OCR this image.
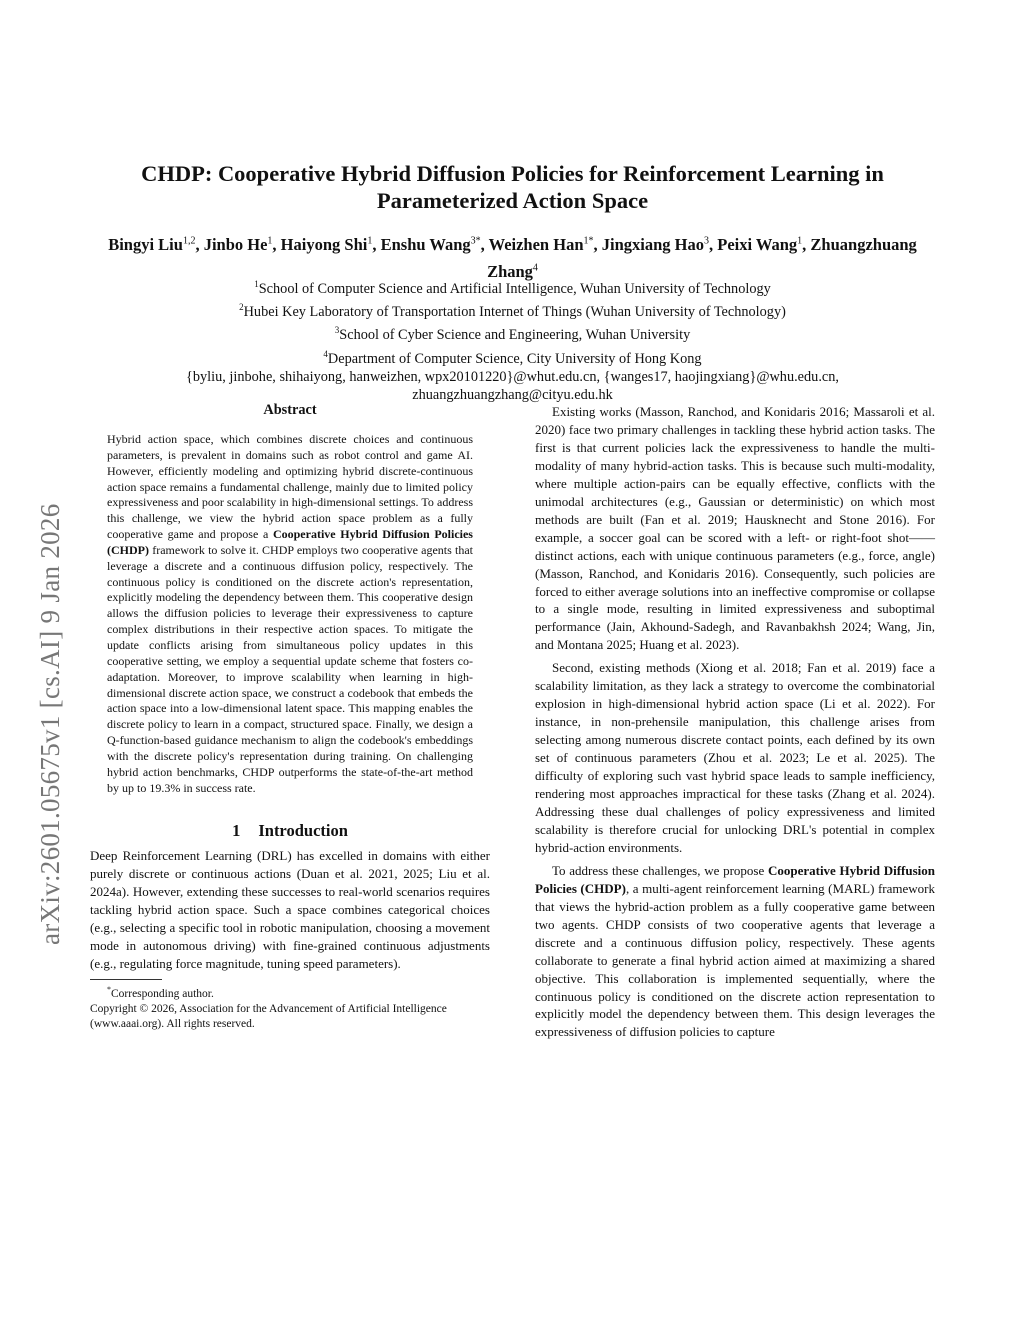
arXiv:2601.05675v1 [cs.AI] 9 Jan 2026
CHDP: Cooperative Hybrid Diffusion Policies for Reinforcement Learning in
Parameterized Action Space
Bingyi Liu$^{1,2}$, Jinbo He$^1$, Haiyong Shi$^1$, Enshu Wang$^{3*}$, Weizhen Han$^{1*}$, Jingxiang Hao$^3$, Peixi Wang$^1$, Zhuangzhuang Zhang$^4$
$^1$School of Computer Science and Artificial Intelligence, Wuhan University of Technology
$^2$Hubei Key Laboratory of Transportation Internet of Things (Wuhan University of Technology)
$^3$School of Cyber Science and Engineering, Wuhan University
$^4$Department of Computer Science, City University of Hong Kong
{byliu, jinbohe, shihaiyong, hanweizhen, wpx20101220}@whut.edu.cn, {wanges17, haojingxiang}@whu.edu.cn,
zhuangzhuangzhang@cityu.edu.hk
Abstract
Hybrid action space, which combines discrete choices and continuous parameters, is prevalent in domains such as robot control and game AI. However, efficiently modeling and optimizing hybrid discrete-continuous action space remains a fundamental challenge, mainly due to limited policy expressiveness and poor scalability in high-dimensional settings. To address this challenge, we view the hybrid action space problem as a fully cooperative game and propose a Cooperative Hybrid Diffusion Policies (CHDP) framework to solve it. CHDP employs two cooperative agents that leverage a discrete and a continuous diffusion policy, respectively. The continuous policy is conditioned on the discrete action's representation, explicitly modeling the dependency between them. This cooperative design allows the diffusion policies to leverage their expressiveness to capture complex distributions in their respective action spaces. To mitigate the update conflicts arising from simultaneous policy updates in this cooperative setting, we employ a sequential update scheme that fosters co-adaptation. Moreover, to improve scalability when learning in high-dimensional discrete action space, we construct a codebook that embeds the action space into a low-dimensional latent space. This mapping enables the discrete policy to learn in a compact, structured space. Finally, we design a Q-function-based guidance mechanism to align the codebook's embeddings with the discrete policy's representation during training. On challenging hybrid action benchmarks, CHDP outperforms the state-of-the-art method by up to 19.3% in success rate.
1 Introduction

Deep Reinforcement Learning (DRL) has excelled in domains with either purely discrete or continuous actions (Duan et al. 2021, 2025; Liu et al. 2024a). However, extending these successes to real-world scenarios requires tackling hybrid action space. Such a space combines categorical choices (e.g., selecting a specific tool in robotic manipulation, choosing a movement mode in autonomous driving) with fine-grained continuous adjustments (e.g., regulating force magnitude, tuning speed parameters).

*Corresponding author.
Copyright © 2026, Association for the Advancement of Artificial Intelligence (www.aaai.org). All rights reserved.

Existing works (Masson, Ranchod, and Konidaris 2016; Massaroli et al. 2020) face two primary challenges in tackling these hybrid action tasks. The first is that current policies lack the expressiveness to handle the multi-modality of many hybrid-action tasks. This is because such multi-modality, where multiple action-pairs can be equally effective, conflicts with the unimodal architectures (e.g., Gaussian or deterministic) on which most methods are built (Fan et al. 2019; Hausknecht and Stone 2016). For example, a soccer goal can be scored with a left- or right-foot shot——distinct actions, each with unique continuous parameters (e.g., force, angle) (Masson, Ranchod, and Konidaris 2016). Consequently, such policies are forced to either average solutions into an ineffective compromise or collapse to a single mode, resulting in limited expressiveness and suboptimal performance (Jain, Akhound-Sadegh, and Ravanbakhsh 2024; Wang, Jin, and Montana 2025; Huang et al. 2023).

Second, existing methods (Xiong et al. 2018; Fan et al. 2019) face a scalability limitation, as they lack a strategy to overcome the combinatorial explosion in high-dimensional hybrid action space (Li et al. 2022). For instance, in non-prehensile manipulation, this challenge arises from selecting among numerous discrete contact points, each defined by its own set of continuous parameters (Zhou et al. 2023; Le et al. 2025). The difficulty of exploring such vast hybrid space leads to sample inefficiency, rendering most approaches impractical for these tasks (Zhang et al. 2024). Addressing these dual challenges of policy expressiveness and limited scalability is therefore crucial for unlocking DRL's potential in complex hybrid-action environments.

To address these challenges, we propose Cooperative Hybrid Diffusion Policies (CHDP), a multi-agent reinforcement learning (MARL) framework that views the hybrid-action problem as a fully cooperative game between two agents. CHDP consists of two cooperative agents that leverage a discrete and a continuous diffusion policy, respectively. These agents collaborate to generate a final hybrid action aimed at maximizing a shared objective. This collaboration is implemented sequentially, where the continuous policy is conditioned on the discrete action representation to explicitly model the dependency between them. This design leverages the expressiveness of diffusion policies to capture
